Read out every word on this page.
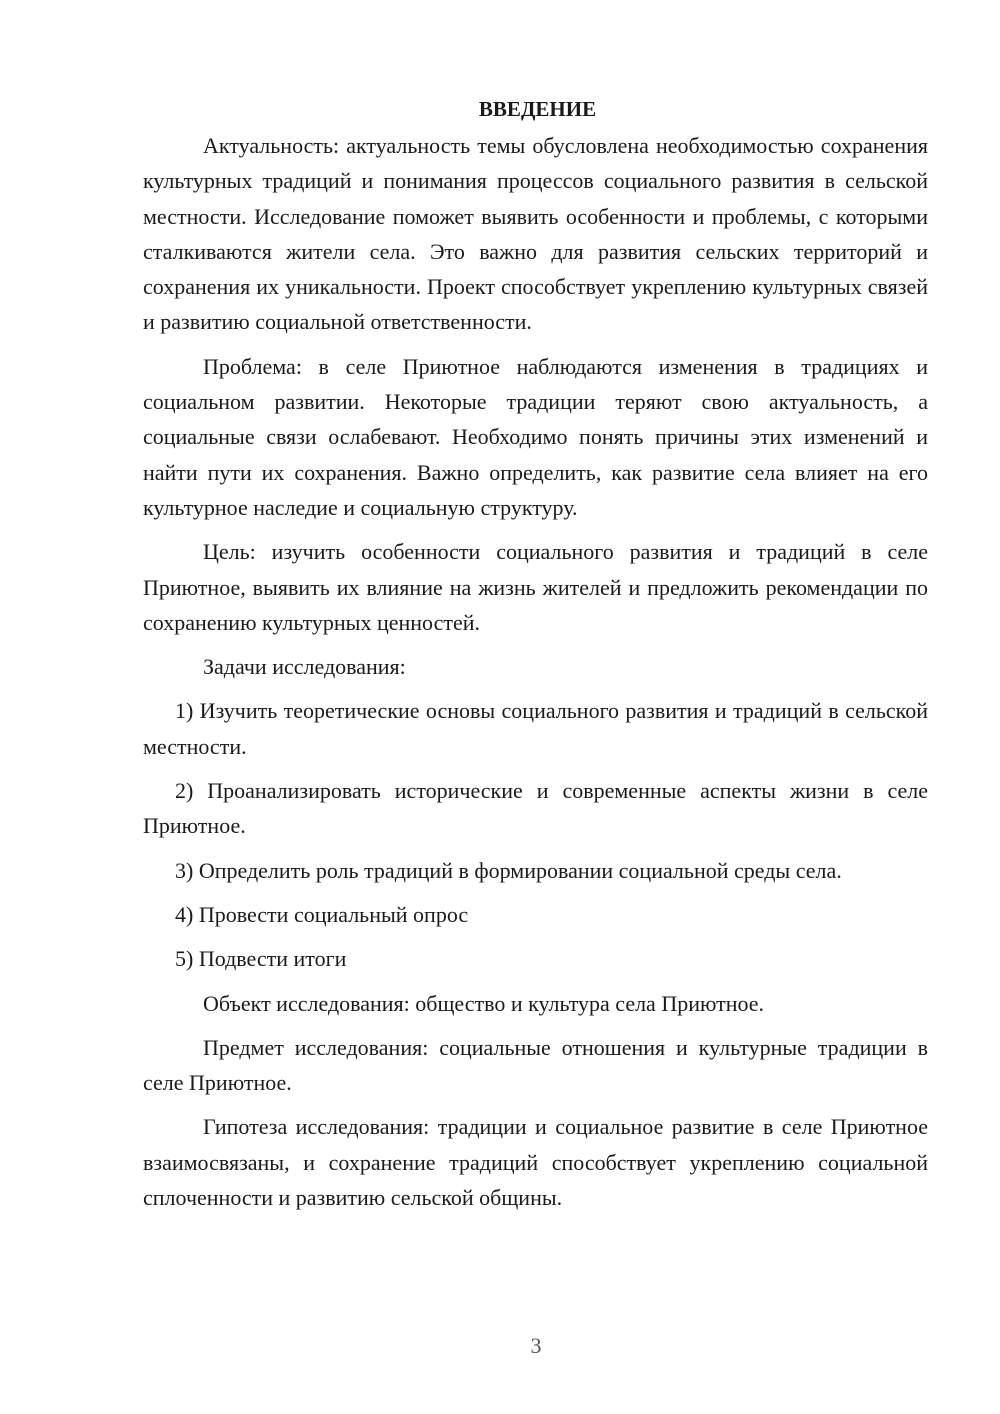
ВВЕДЕНИЕ

Актуальность: актуальность темы обусловлена необходимостью сохранения культурных традиций и понимания процессов социального развития в сельской местности. Исследование поможет выявить особенности и проблемы, с которыми сталкиваются жители села. Это важно для развития сельских территорий и сохранения их уникальности. Проект способствует укреплению культурных связей и развитию социальной ответственности.

Проблема: в селе Приютное наблюдаются изменения в традициях и социальном развитии. Некоторые традиции теряют свою актуальность, а социальные связи ослабевают. Необходимо понять причины этих изменений и найти пути их сохранения. Важно определить, как развитие села влияет на его культурное наследие и социальную структуру.

Цель: изучить особенности социального развития и традиций в селе Приютное, выявить их влияние на жизнь жителей и предложить рекомендации по сохранению культурных ценностей.

Задачи исследования:

1) Изучить теоретические основы социального развития и традиций в сельской местности.

2) Проанализировать исторические и современные аспекты жизни в селе Приютное.

3) Определить роль традиций в формировании социальной среды села.

4) Провести социальный опрос

5) Подвести итоги

Объект исследования: общество и культура села Приютное.

Предмет исследования: социальные отношения и культурные традиции в селе Приютное.

Гипотеза исследования: традиции и социальное развитие в селе Приютное взаимосвязаны, и сохранение традиций способствует укреплению социальной сплоченности и развитию сельской общины.

3
